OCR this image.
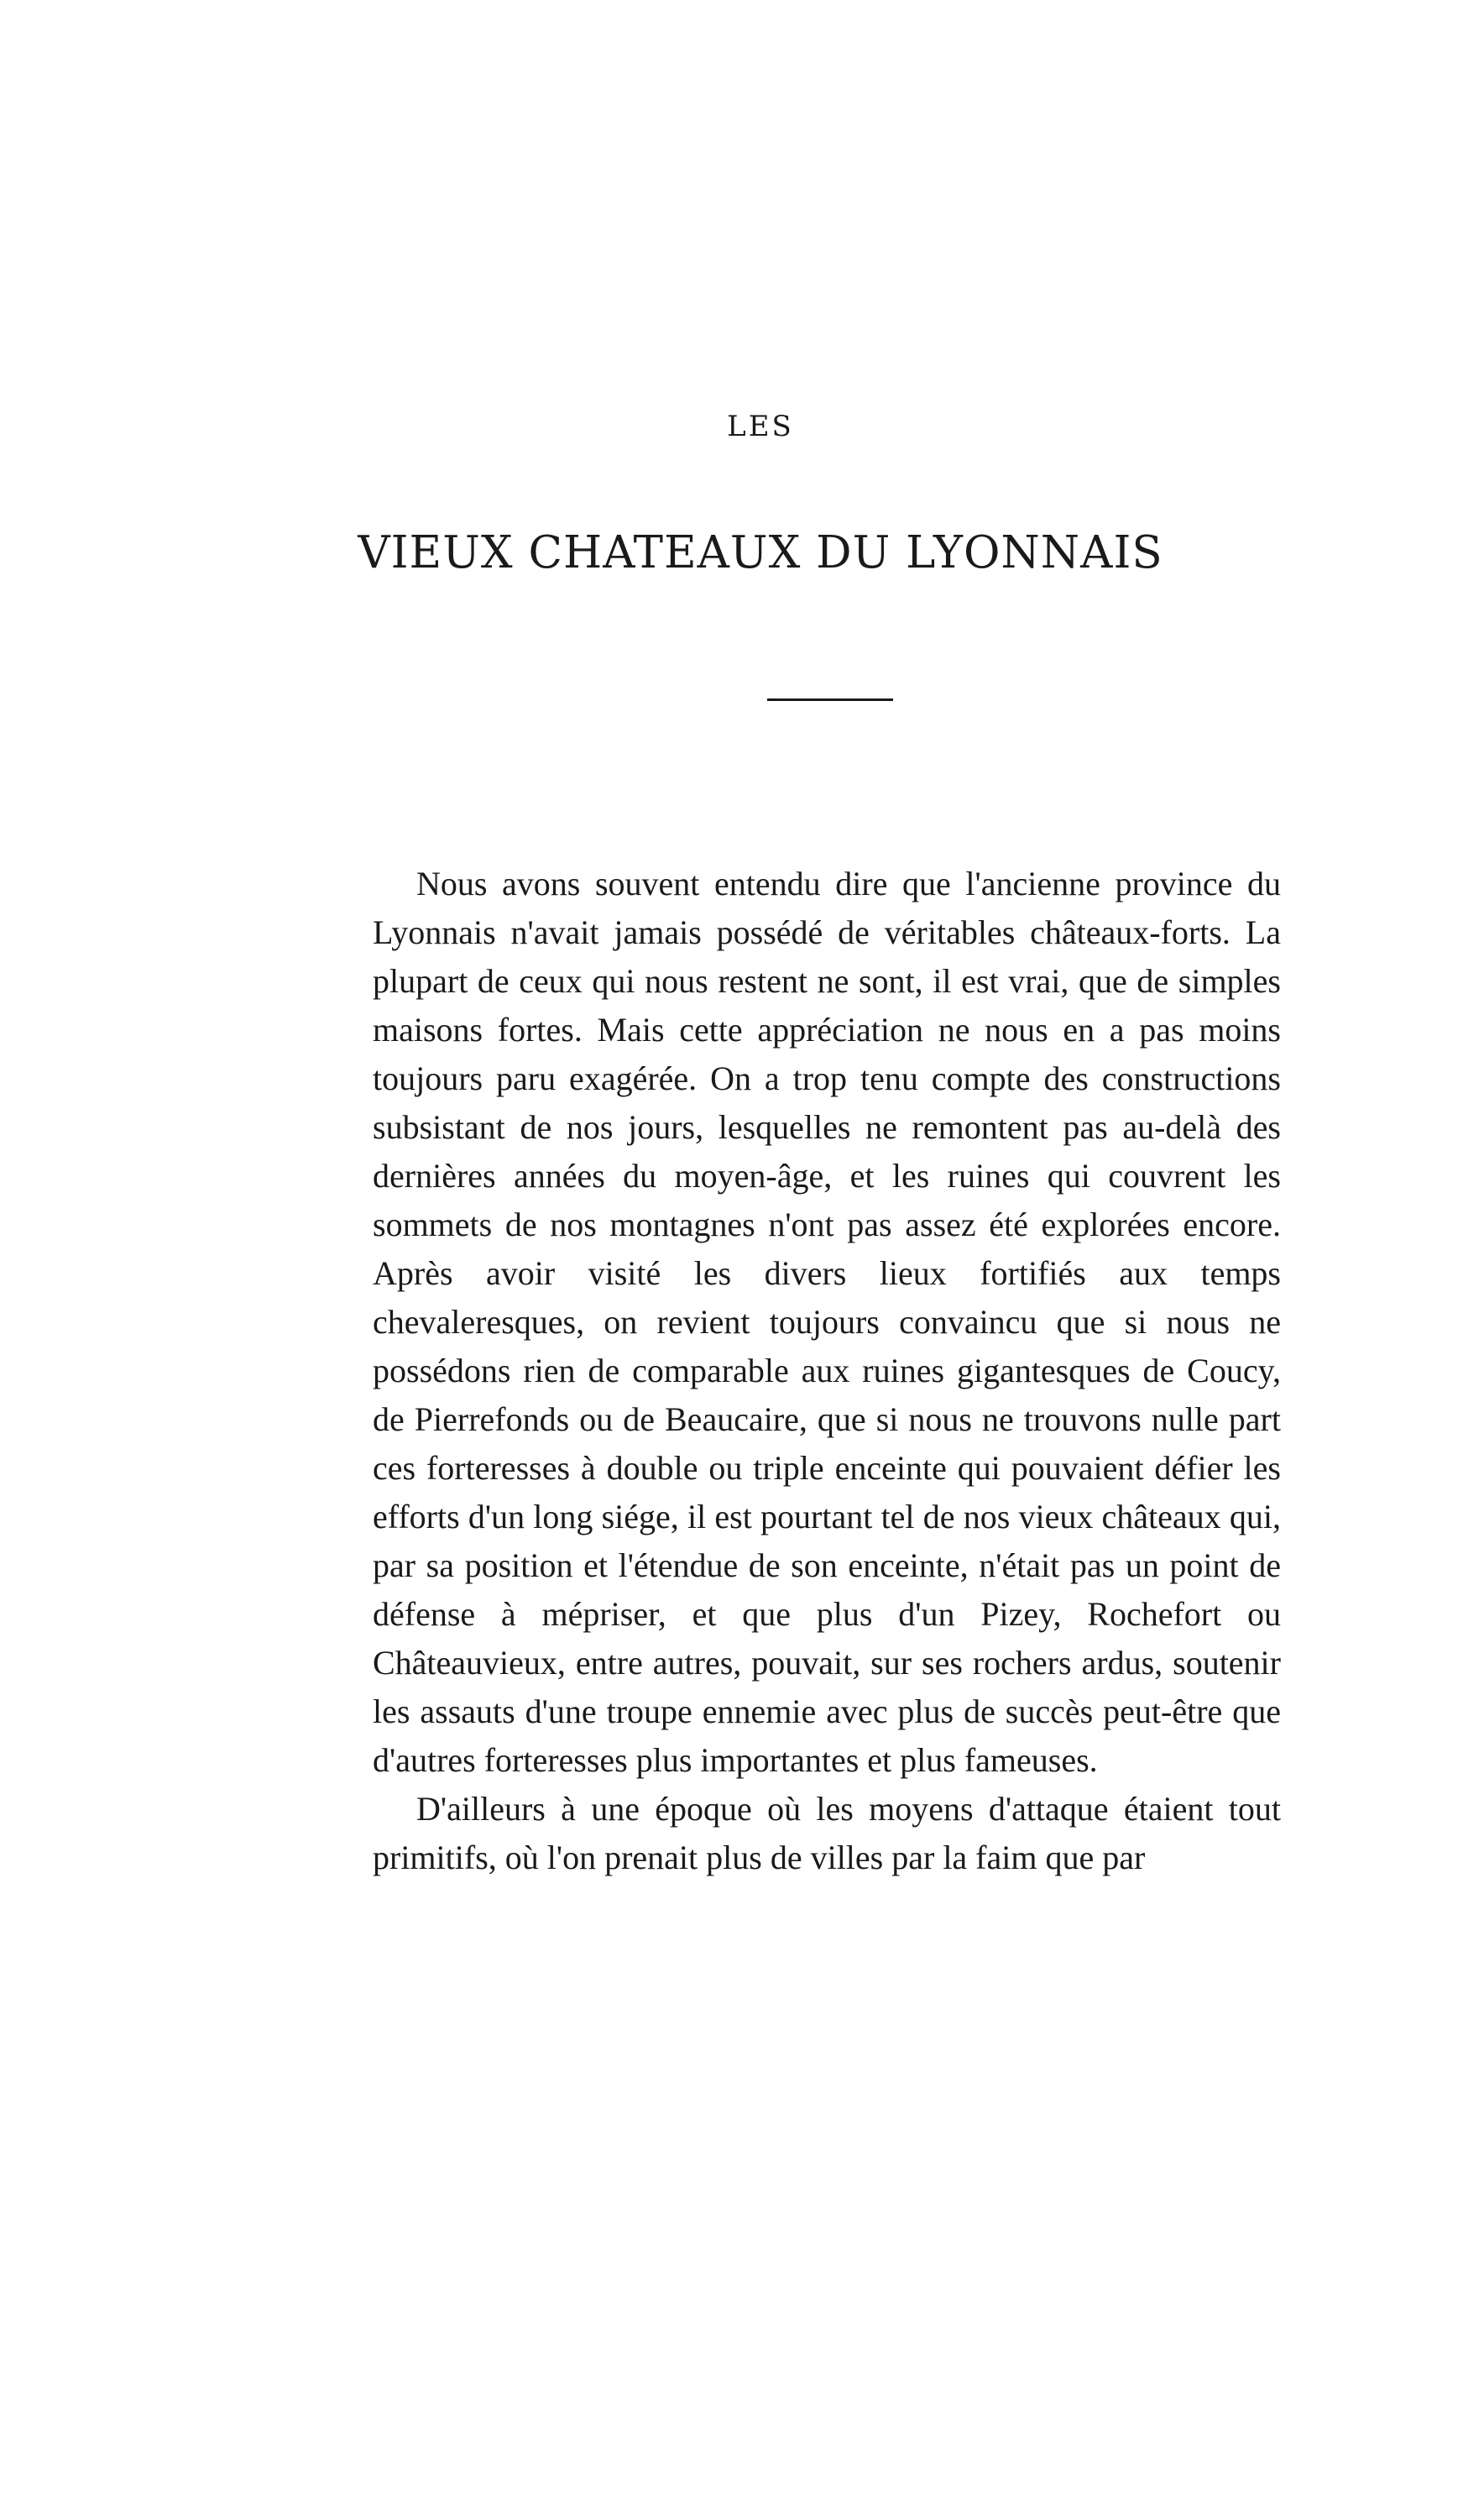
LES
VIEUX CHATEAUX DU LYONNAIS

Nous avons souvent entendu dire que l'ancienne province du Lyonnais n'avait jamais possédé de véritables châteaux-forts. La plupart de ceux qui nous restent ne sont, il est vrai, que de simples maisons fortes. Mais cette appréciation ne nous en a pas moins toujours paru exagérée. On a trop tenu compte des constructions subsistant de nos jours, lesquelles ne remontent pas au-delà des dernières années du moyen-âge, et les ruines qui couvrent les sommets de nos montagnes n'ont pas assez été explorées encore. Après avoir visité les divers lieux fortifiés aux temps chevaleresques, on revient toujours convaincu que si nous ne possédons rien de comparable aux ruines gigantesques de Coucy, de Pierrefonds ou de Beaucaire, que si nous ne trouvons nulle part ces forteresses à double ou triple enceinte qui pouvaient défier les efforts d'un long siége, il est pourtant tel de nos vieux châteaux qui, par sa position et l'étendue de son enceinte, n'était pas un point de défense à mépriser, et que plus d'un Pizey, Rochefort ou Châteauvieux, entre autres, pouvait, sur ses rochers ardus, soutenir les assauts d'une troupe ennemie avec plus de succès peut-être que d'autres forteresses plus importantes et plus fameuses.

D'ailleurs à une époque où les moyens d'attaque étaient tout primitifs, où l'on prenait plus de villes par la faim que par
